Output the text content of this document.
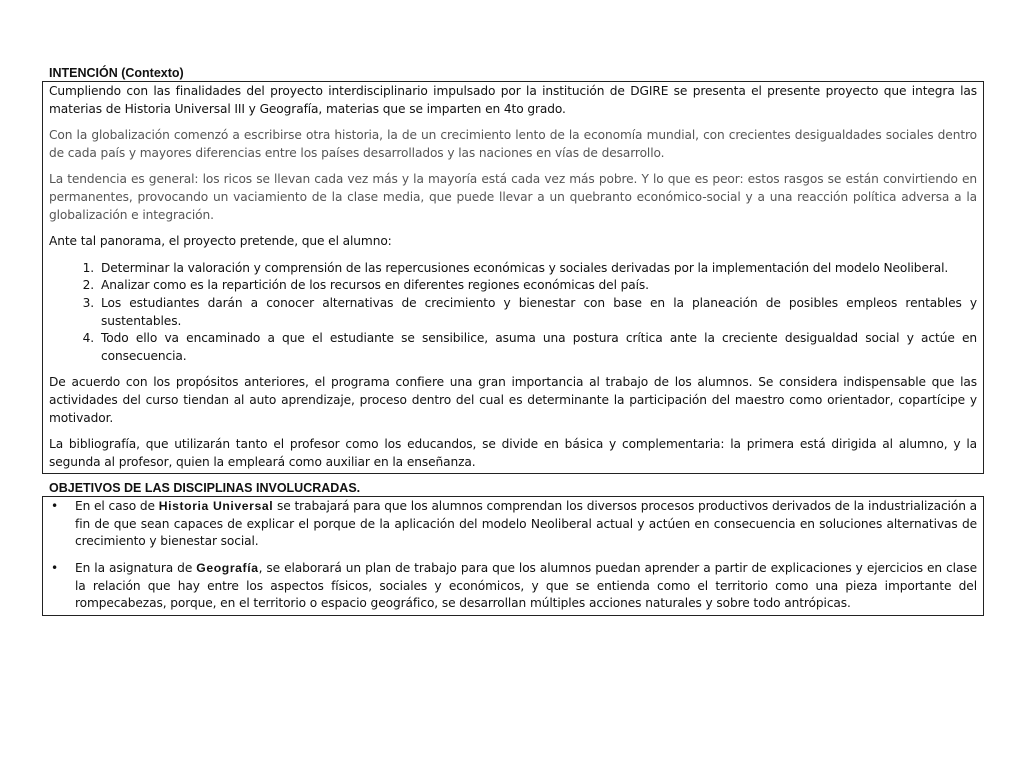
INTENCIÓN (Contexto)

Cumpliendo con las finalidades del proyecto interdisciplinario impulsado por la institución de DGIRE se presenta el presente proyecto que integra las materias de Historia Universal III y Geografía, materias que se imparten en 4to grado.

Con la globalización comenzó a escribirse otra historia, la de un crecimiento lento de la economía mundial, con crecientes desigualdades sociales dentro de cada país y mayores diferencias entre los países desarrollados y las naciones en vías de desarrollo.

La tendencia es general: los ricos se llevan cada vez más y la mayoría está cada vez más pobre. Y lo que es peor: estos rasgos se están convirtiendo en permanentes, provocando un vaciamiento de la clase media, que puede llevar a un quebranto económico-social y a una reacción política adversa a la globalización e integración.

Ante tal panorama, el proyecto pretende, que el alumno:

1. Determinar la valoración y comprensión de las repercusiones económicas y sociales derivadas por la implementación del modelo Neoliberal.
2. Analizar como es la repartición de los recursos en diferentes regiones económicas del país.
3. Los estudiantes darán a conocer alternativas de crecimiento y bienestar con base en la planeación de posibles empleos rentables y sustentables.
4. Todo ello va encaminado a que el estudiante se sensibilice, asuma una postura crítica ante la creciente desigualdad social y actúe en consecuencia.

De acuerdo con los propósitos anteriores, el programa confiere una gran importancia al trabajo de los alumnos. Se considera indispensable que las actividades del curso tiendan al auto aprendizaje, proceso dentro del cual es determinante la participación del maestro como orientador, copartícipe y motivador.

La bibliografía, que utilizarán tanto el profesor como los educandos, se divide en básica y complementaria: la primera está dirigida al alumno, y la segunda al profesor, quien la empleará como auxiliar en la enseñanza.

OBJETIVOS DE LAS DISCIPLINAS INVOLUCRADAS.
•	En el caso de Historia Universal se trabajará para que los alumnos comprendan los diversos procesos productivos derivados de la industrialización a fin de que sean capaces de explicar el porque de la aplicación del modelo Neoliberal actual y actúen en consecuencia en soluciones alternativas de crecimiento y bienestar social.
•	En la asignatura de Geografía, se elaborará un plan de trabajo para que los alumnos puedan aprender a partir de explicaciones y ejercicios en clase la relación que hay entre los aspectos físicos, sociales y económicos, y que se entienda como el territorio como una pieza importante del rompecabezas, porque, en el territorio o espacio geográfico, se desarrollan múltiples acciones naturales y sobre todo antrópicas.
